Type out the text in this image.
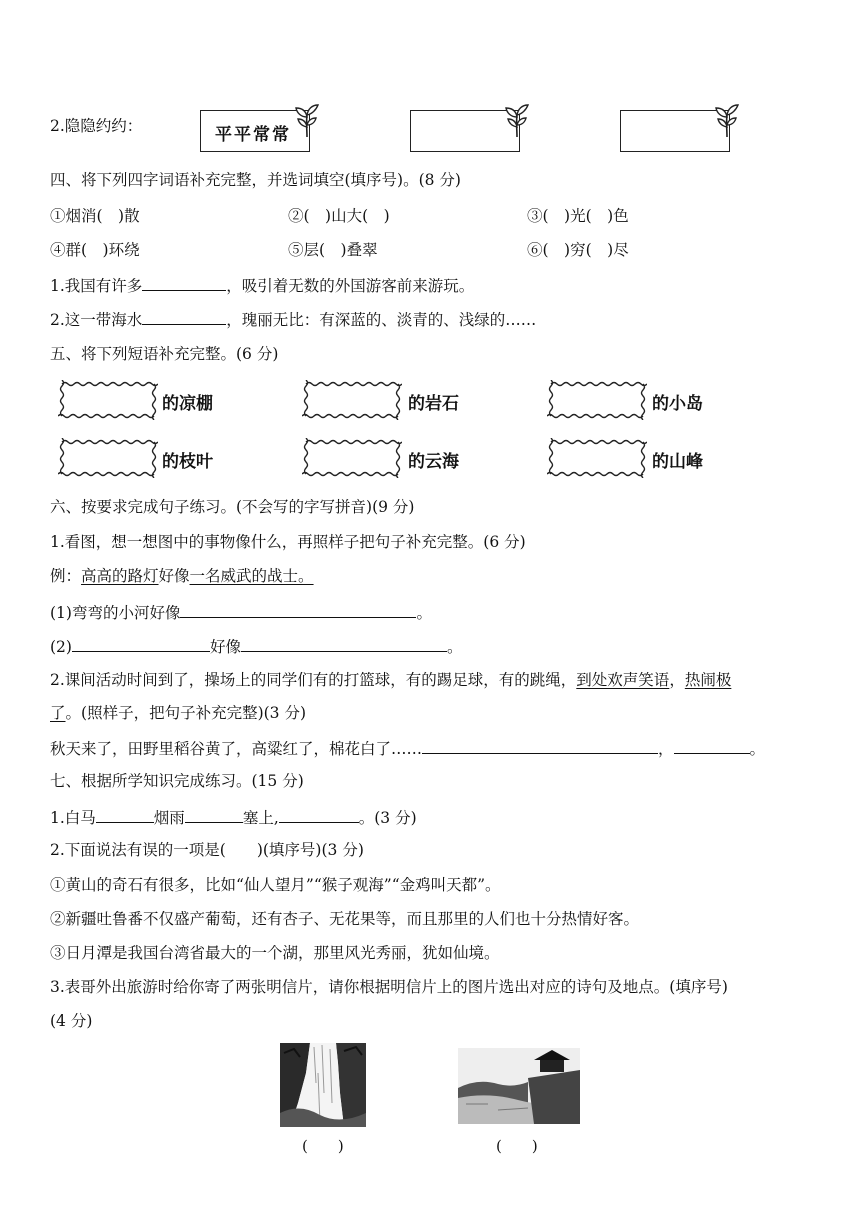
2.隐隐约约：	平平常常
四、将下列四字词语补充完整，并选词填空(填序号)。(8 分)
①烟消(　)散	②(　)山大(　)	③(　)光(　)色
④群(　)环绕	⑤层(　)叠翠	⑥(　)穷(　)尽
1.我国有许多	，吸引着无数的外国游客前来游玩。
2.这一带海水	，瑰丽无比：有深蓝的、淡青的、浅绿的……
五、将下列短语补充完整。(6 分)
的凉棚	的岩石	的小岛
的枝叶	的云海	的山峰
六、按要求完成句子练习。(不会写的字写拼音)(9 分)
1.看图，想一想图中的事物像什么，再照样子把句子补充完整。(6 分)
例：高高的路灯好像一名威武的战士。
(1)弯弯的小河好像	。
(2)	好像	。
2.课间活动时间到了，操场上的同学们有的打篮球，有的踢足球，有的跳绳，到处欢声笑语，热闹极
了。(照样子，把句子补充完整)(3 分)
秋天来了，田野里稻谷黄了，高粱红了，棉花白了……	，	。
七、根据所学知识完成练习。(15 分)
1.白马	烟雨	塞上,	。(3 分)
2.下面说法有误的一项是(　　)(填序号)(3 分)
①黄山的奇石有很多，比如“仙人望月”“猴子观海”“金鸡叫天都”。
②新疆吐鲁番不仅盛产葡萄，还有杏子、无花果等，而且那里的人们也十分热情好客。
③日月潭是我国台湾省最大的一个湖，那里风光秀丽，犹如仙境。
3.表哥外出旅游时给你寄了两张明信片，请你根据明信片上的图片选出对应的诗句及地点。(填序号)
(4 分)
(　　)	(　　)
